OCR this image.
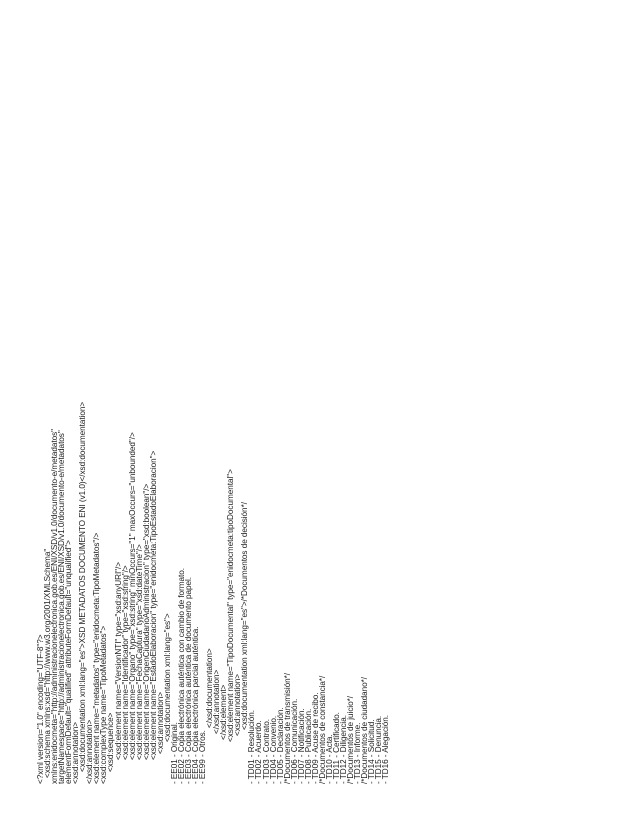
<?xml version="1.0" encoding="UTF-8"?>
<xsd:schema xmlns:xsd="http://www.w3.org/2001/XMLSchema"
xmlns:enidocmeta="http://administracionelectronica.gob.es/ENI/XSD/v1.0/documento-e/metadatos"
targetNamespace="http://administracionelectronica.gob.es/ENI/XSD/v1.0/documento-e/metadatos"
elementFormDefault="qualified" attributeFormDefault="unqualified">
<xsd:annotation>
<xsd:documentation xml:lang="es">XSD METADATOS DOCUMENTO ENI (v1.0)</xsd:documentation>
</xsd:annotation>
<xsd:element name="metadatos" type="enidocmeta:TipoMetadatos"/>
<xsd:complexType name="TipoMetadatos">
<xsd:sequence>
<xsd:element name="VersionNTI" type="xsd:anyURI"/>
<xsd:element name="Identificador" type="xsd:string"/>
<xsd:element name="Organo" type="xsd:string" minOccurs="1" maxOccurs="unbounded"/>
<xsd:element name="FechaCaptura" type="xsd:dateTime"/>
<xsd:element name="OrigenCiudadanoAdministracion" type="xsd:boolean"/>
<xsd:element name="EstadoElaboracion" type="enidocmeta:TipoEstadoElaboracion">
<xsd:annotation>
<xsd:documentation xml:lang="es">
- EE01 - Original.
- EE02 - Copia electrónica auténtica con cambio de formato.
- EE03 - Copia electrónica auténtica de documento papel.
- EE04 - Copia electrónica parcial auténtica.
- EE99 - Otros.
</xsd:documentation>
</xsd:annotation>
</xsd:element>
<xsd:element name="TipoDocumental" type="enidocmeta:tipoDocumental">
<xsd:annotation>
<xsd:documentation xml:lang="es">/*Documentos de decisión*/
- TD01 - Resolución.
- TD02 - Acuerdo.
- TD03 - Contrato.
- TD04 - Convenio.
- TD05 - Declaración.
/*Documentos de transmisión*/
- TD06 - Comunicación.
- TD07 - Notificación.
- TD08 - Publicación.
- TD09 - Acuse de recibo.
/*Documentos de constancia*/
- TD10 - Acta.
- TD11 - Certificado.
- TD12 - Diligencia.
/*Documentos de juicio*/
- TD13 - Informe.
/*Documentos de ciudadano*/
- TD14 - Solicitud.
- TD15 - Denuncia.
- TD16 - Alegación.
